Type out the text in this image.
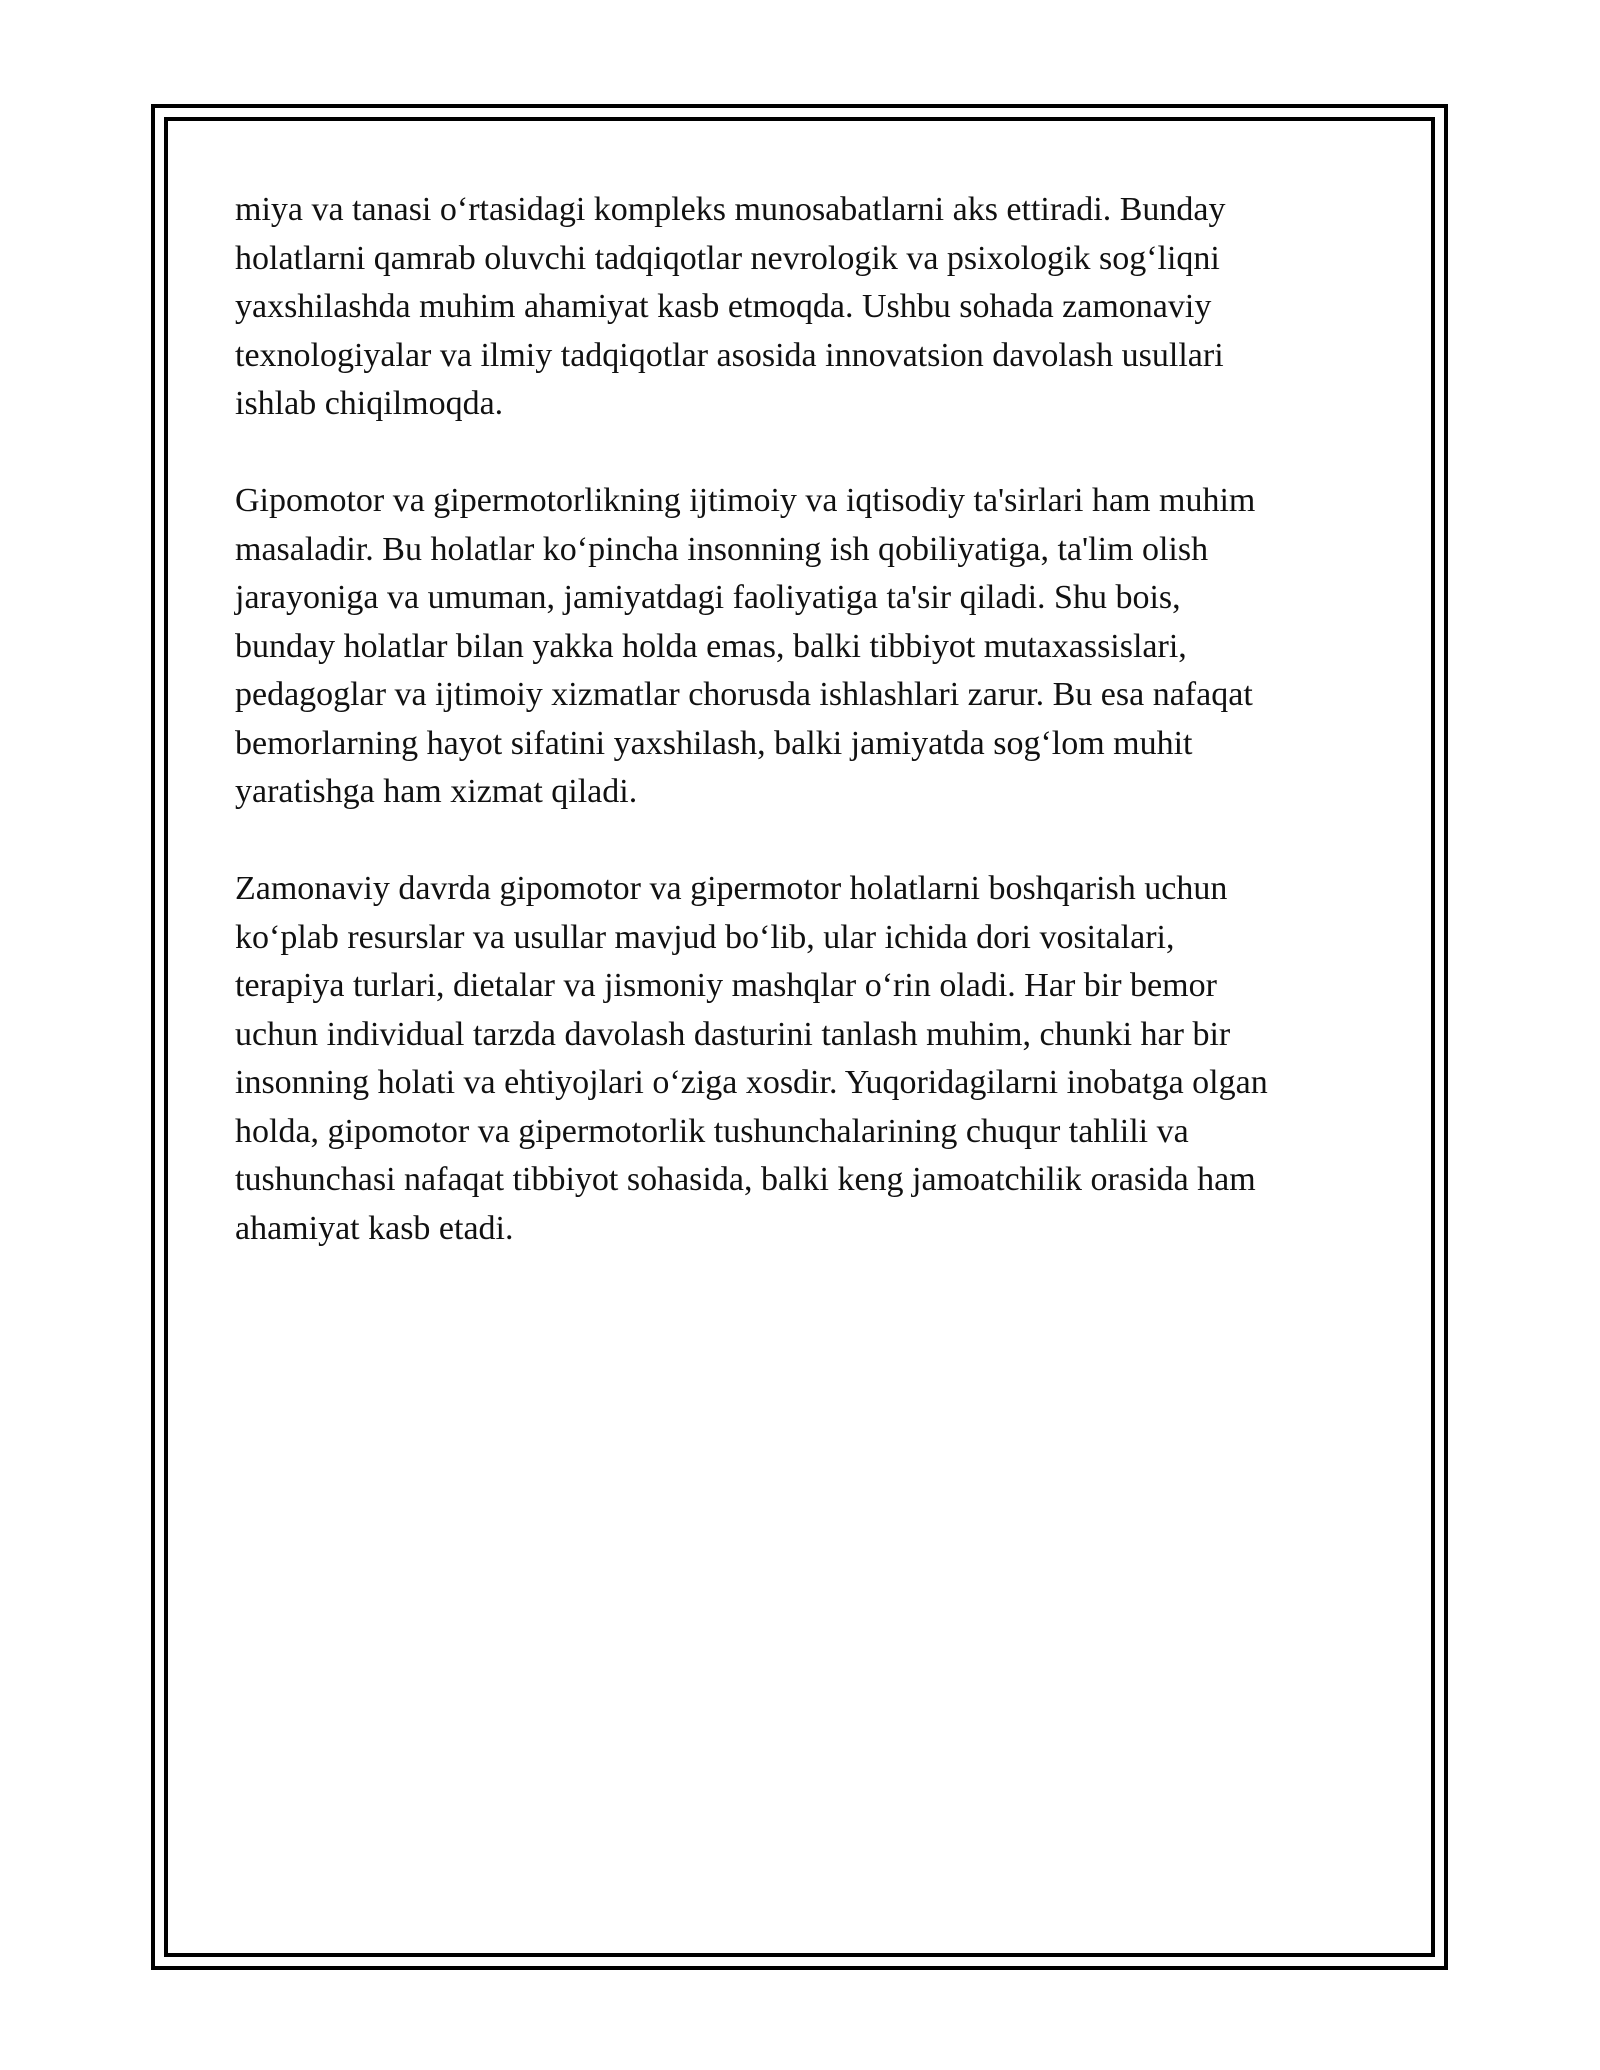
miya va tanasi o‘rtasidagi kompleks munosabatlarni aks ettiradi. Bunday
holatlarni qamrab oluvchi tadqiqotlar nevrologik va psixologik sog‘liqni
yaxshilashda muhim ahamiyat kasb etmoqda. Ushbu sohada zamonaviy
texnologiyalar va ilmiy tadqiqotlar asosida innovatsion davolash usullari
ishlab chiqilmoqda.

Gipomotor va gipermotorlikning ijtimoiy va iqtisodiy ta'sirlari ham muhim
masaladir. Bu holatlar ko‘pincha insonning ish qobiliyatiga, ta'lim olish
jarayoniga va umuman, jamiyatdagi faoliyatiga ta'sir qiladi. Shu bois,
bunday holatlar bilan yakka holda emas, balki tibbiyot mutaxassislari,
pedagoglar va ijtimoiy xizmatlar chorusda ishlashlari zarur. Bu esa nafaqat
bemorlarning hayot sifatini yaxshilash, balki jamiyatda sog‘lom muhit
yaratishga ham xizmat qiladi.

Zamonaviy davrda gipomotor va gipermotor holatlarni boshqarish uchun
ko‘plab resurslar va usullar mavjud bo‘lib, ular ichida dori vositalari,
terapiya turlari, dietalar va jismoniy mashqlar o‘rin oladi. Har bir bemor
uchun individual tarzda davolash dasturini tanlash muhim, chunki har bir
insonning holati va ehtiyojlari o‘ziga xosdir. Yuqoridagilarni inobatga olgan
holda, gipomotor va gipermotorlik tushunchalarining chuqur tahlili va
tushunchasi nafaqat tibbiyot sohasida, balki keng jamoatchilik orasida ham
ahamiyat kasb etadi.
